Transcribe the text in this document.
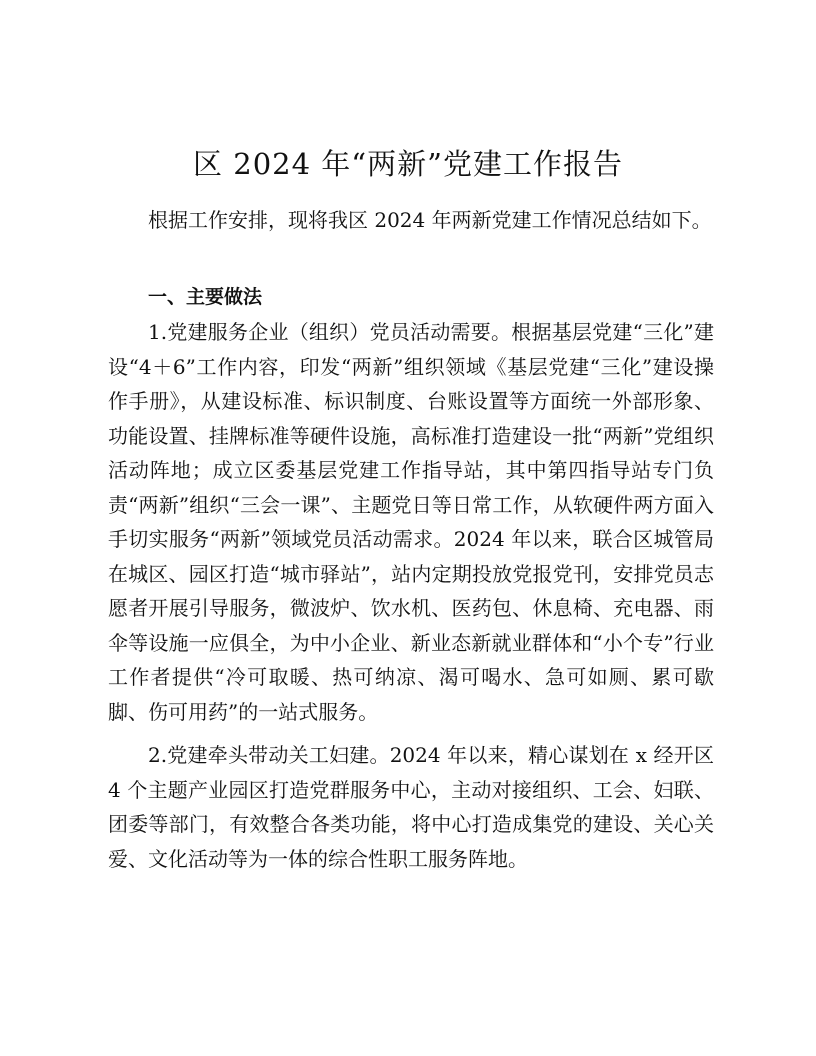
区 2024 年“两新”党建工作报告

根据工作安排，现将我区 2024 年两新党建工作情况总结如下。

一、主要做法

1.党建服务企业（组织）党员活动需要。根据基层党建“三化”建设“4＋6”工作内容，印发“两新”组织领域《基层党建“三化”建设操作手册》，从建设标准、标识制度、台账设置等方面统一外部形象、功能设置、挂牌标准等硬件设施，高标准打造建设一批“两新”党组织活动阵地；成立区委基层党建工作指导站，其中第四指导站专门负责“两新”组织“三会一课”、主题党日等日常工作，从软硬件两方面入手切实服务“两新”领域党员活动需求。2024 年以来，联合区城管局在城区、园区打造“城市驿站”，站内定期投放党报党刊，安排党员志愿者开展引导服务，微波炉、饮水机、医药包、休息椅、充电器、雨伞等设施一应俱全，为中小企业、新业态新就业群体和“小个专”行业工作者提供“冷可取暖、热可纳凉、渴可喝水、急可如厕、累可歇脚、伤可用药”的一站式服务。

2.党建牵头带动关工妇建。2024 年以来，精心谋划在 x 经开区 4 个主题产业园区打造党群服务中心，主动对接组织、工会、妇联、团委等部门，有效整合各类功能，将中心打造成集党的建设、关心关爱、文化活动等为一体的综合性职工服务阵地。
